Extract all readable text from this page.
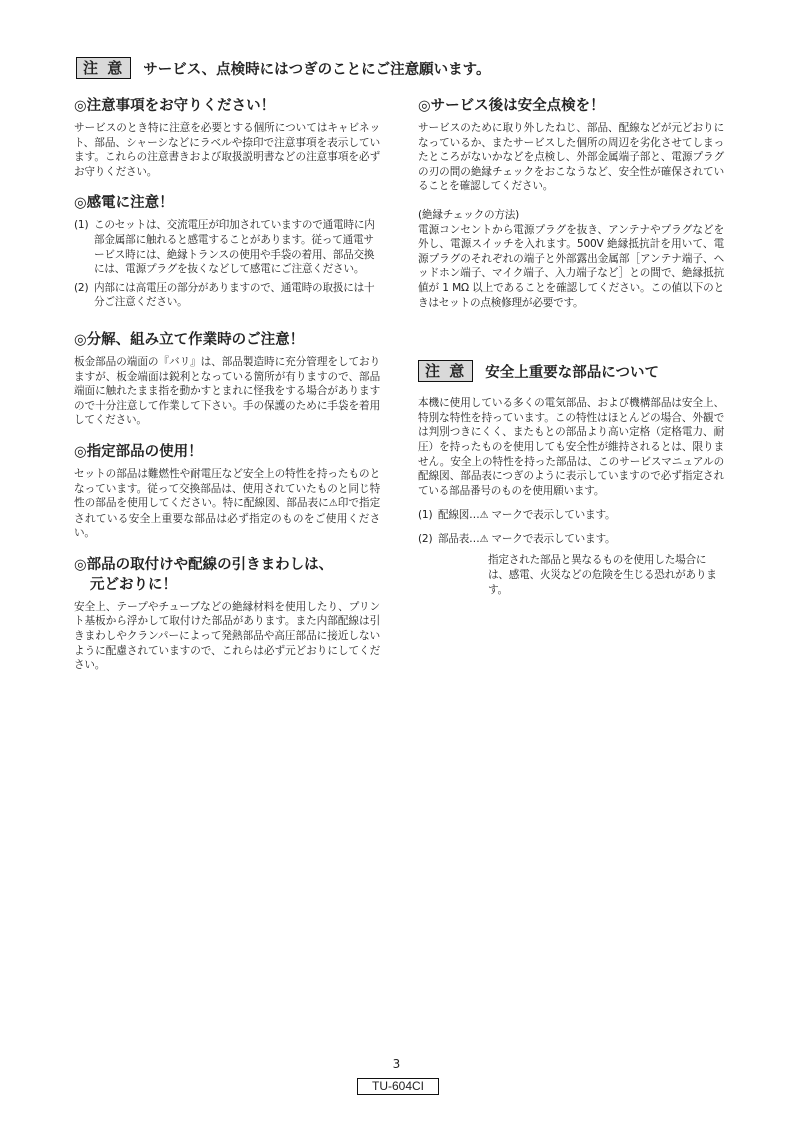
注 意	サービス、点検時にはつぎのことにご注意願います。
◎注意事項をお守りください！

サービスのとき特に注意を必要とする個所についてはキャビネット、部品、シャーシなどにラベルや捺印で注意事項を表示しています。これらの注意書きおよび取扱説明書などの注意事項を必ずお守りください。

◎感電に注意！
(1) このセットは、交流電圧が印加されていますので通電時に内部金属部に触れると感電することがあります。従って通電サービス時には、絶縁トランスの使用や手袋の着用、部品交換には、電源プラグを抜くなどして感電にご注意ください。
(2) 内部には高電圧の部分がありますので、通電時の取扱には十分ご注意ください。
◎分解、組み立て作業時のご注意！

板金部品の端面の『バリ』は、部品製造時に充分管理をしておりますが、板金端面は鋭利となっている箇所が有りますので、部品端面に触れたまま指を動かすとまれに怪我をする場合がありますので十分注意して作業して下さい。手の保護のために手袋を着用してください。

◎指定部品の使用！

セットの部品は難燃性や耐電圧など安全上の特性を持ったものとなっています。従って交換部品は、使用されていたものと同じ特性の部品を使用してください。特に配線図、部品表に⚠印で指定されている安全上重要な部品は必ず指定のものをご使用ください。

◎部品の取付けや配線の引きまわしは、
元どおりに！

安全上、テープやチューブなどの絶縁材料を使用したり、プリント基板から浮かして取付けた部品があります。また内部配線は引きまわしやクランパーによって発熱部品や高圧部品に接近しないように配慮されていますので、これらは必ず元どおりにしてください。

◎サービス後は安全点検を！

サービスのために取り外したねじ、部品、配線などが元どおりになっているか、またサービスした個所の周辺を劣化させてしまったところがないかなどを点検し、外部金属端子部と、電源プラグの刃の間の絶縁チェックをおこなうなど、安全性が確保されていることを確認してください。

(絶縁チェックの方法)

電源コンセントから電源プラグを抜き、アンテナやプラグなどを外し、電源スイッチを入れます。500V 絶縁抵抗計を用いて、電源プラグのそれぞれの端子と外部露出金属部［アンテナ端子、ヘッドホン端子、マイク端子、入力端子など］との間で、絶縁抵抗値が 1 MΩ 以上であることを確認してください。この値以下のときはセットの点検修理が必要です。

注 意	安全上重要な部品について

本機に使用している多くの電気部品、および機構部品は安全上、特別な特性を持っています。この特性はほとんどの場合、外観では判別つきにくく、またもとの部品より高い定格（定格電力、耐圧）を持ったものを使用しても安全性が維持されるとは、限りません。安全上の特性を持った部品は、このサービスマニュアルの配線図、部品表につぎのように表示していますので必ず指定されている部品番号のものを使用願います。

(1) 配線図…⚠ マークで表示しています。
(2) 部品表…⚠ マークで表示しています。

指定された部品と異なるものを使用した場合には、感電、火災などの危険を生じる恐れがあります。

3
TU-604CI
